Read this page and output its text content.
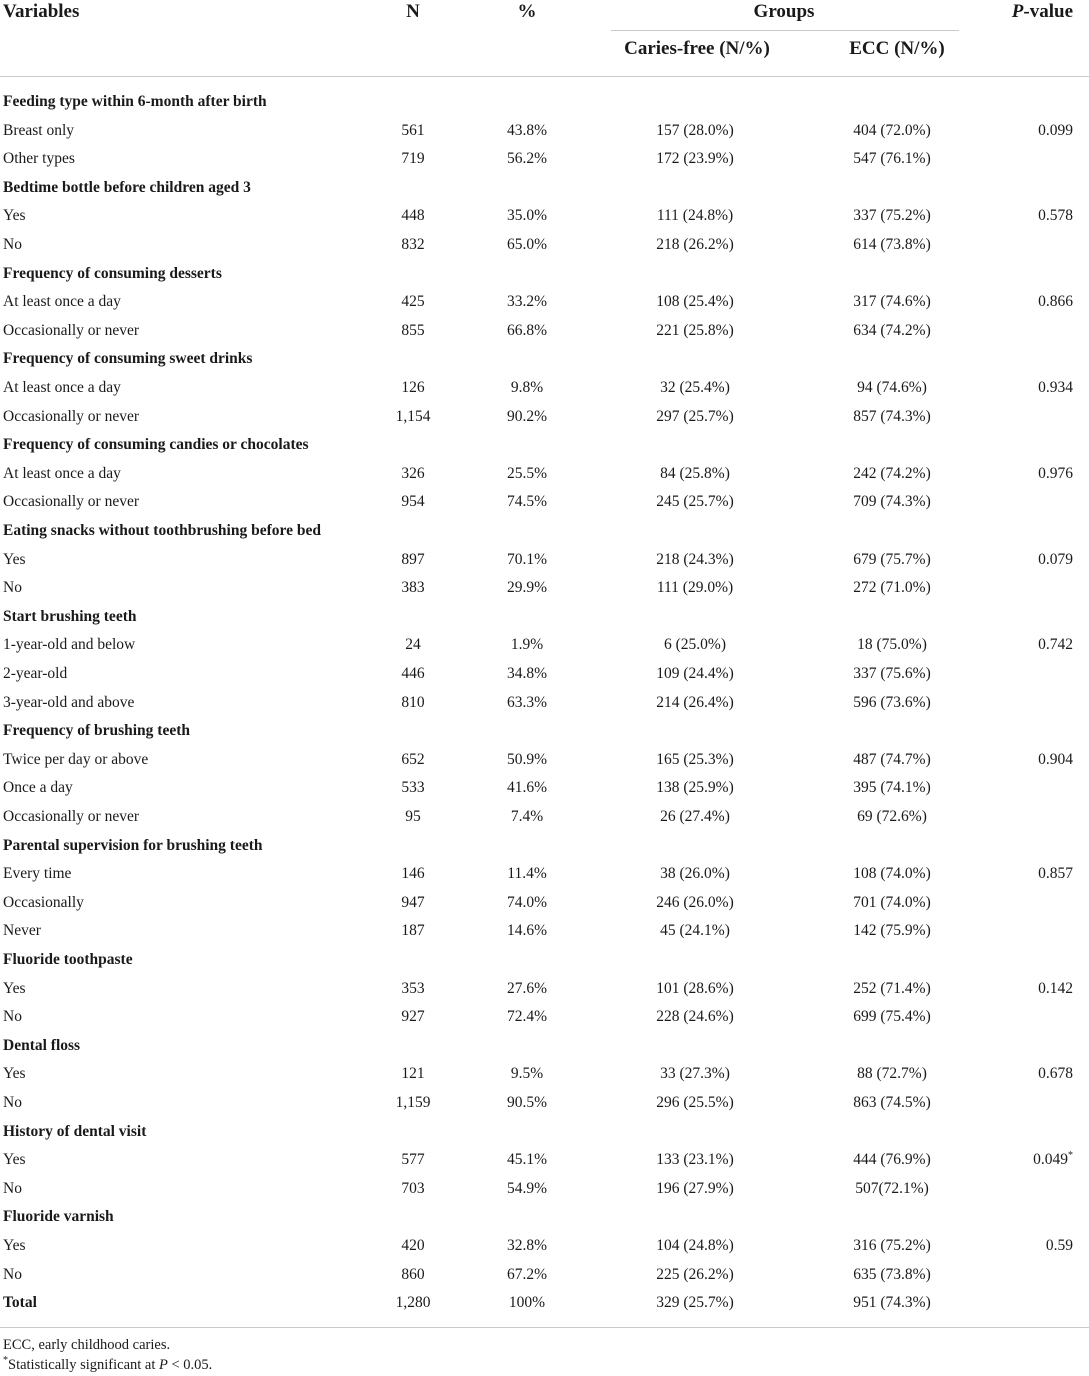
Variables	N	%	Groups	P-value
Caries-free (N/%)	ECC (N/%)
Feeding type within 6-month after birth
Breast only	561	43.8%	157 (28.0%)	404 (72.0%)	0.099
Other types	719	56.2%	172 (23.9%)	547 (76.1%)
Bedtime bottle before children aged 3
Yes	448	35.0%	111 (24.8%)	337 (75.2%)	0.578
No	832	65.0%	218 (26.2%)	614 (73.8%)
Frequency of consuming desserts
At least once a day	425	33.2%	108 (25.4%)	317 (74.6%)	0.866
Occasionally or never	855	66.8%	221 (25.8%)	634 (74.2%)
Frequency of consuming sweet drinks
At least once a day	126	9.8%	32 (25.4%)	94 (74.6%)	0.934
Occasionally or never	1,154	90.2%	297 (25.7%)	857 (74.3%)
Frequency of consuming candies or chocolates
At least once a day	326	25.5%	84 (25.8%)	242 (74.2%)	0.976
Occasionally or never	954	74.5%	245 (25.7%)	709 (74.3%)
Eating snacks without toothbrushing before bed
Yes	897	70.1%	218 (24.3%)	679 (75.7%)	0.079
No	383	29.9%	111 (29.0%)	272 (71.0%)
Start brushing teeth
1-year-old and below	24	1.9%	6 (25.0%)	18 (75.0%)	0.742
2-year-old	446	34.8%	109 (24.4%)	337 (75.6%)
3-year-old and above	810	63.3%	214 (26.4%)	596 (73.6%)
Frequency of brushing teeth
Twice per day or above	652	50.9%	165 (25.3%)	487 (74.7%)	0.904
Once a day	533	41.6%	138 (25.9%)	395 (74.1%)
Occasionally or never	95	7.4%	26 (27.4%)	69 (72.6%)
Parental supervision for brushing teeth
Every time	146	11.4%	38 (26.0%)	108 (74.0%)	0.857
Occasionally	947	74.0%	246 (26.0%)	701 (74.0%)
Never	187	14.6%	45 (24.1%)	142 (75.9%)
Fluoride toothpaste
Yes	353	27.6%	101 (28.6%)	252 (71.4%)	0.142
No	927	72.4%	228 (24.6%)	699 (75.4%)
Dental floss
Yes	121	9.5%	33 (27.3%)	88 (72.7%)	0.678
No	1,159	90.5%	296 (25.5%)	863 (74.5%)
History of dental visit
Yes	577	45.1%	133 (23.1%)	444 (76.9%)	0.049*
No	703	54.9%	196 (27.9%)	507(72.1%)
Fluoride varnish
Yes	420	32.8%	104 (24.8%)	316 (75.2%)	0.59
No	860	67.2%	225 (26.2%)	635 (73.8%)
Total	1,280	100%	329 (25.7%)	951 (74.3%)
ECC, early childhood caries.
*Statistically significant at P < 0.05.
